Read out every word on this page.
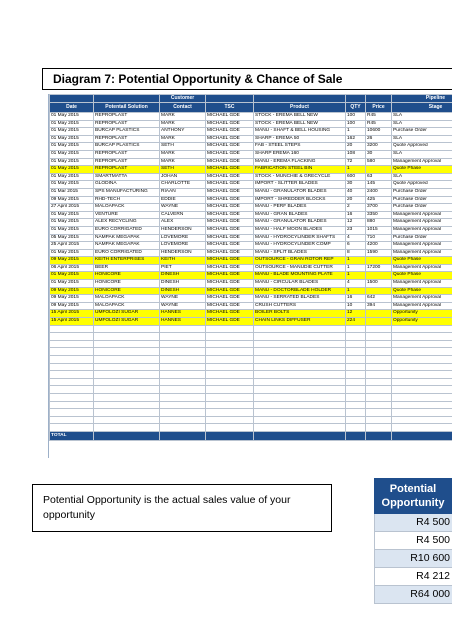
Diagram 7: Potential Opportunity & Chance of Sale
		Customer					Pipeline
Date	Potentail Solution	Contact	TSC	Product	QTY	Price	Stage
01 May 2015	REPROPLAST	MARK	MICHAEL GDE	STOCK - EREMA BELL NEW	100	R45	SLA
01 May 2015	REPROPLAST	MARK	MICHAEL GDE	STOCK - EREMA BELL NEW	100	R45	SLA
01 May 2015	BURCAP PLASTICS	ANTHONY	MICHAEL GDE	MANU - SHAFT & BELL HOUSING	1	10600	Purchase Order
01 May 2015	REPROPLAST	MARK	MICHAEL GDE	SHARP - EREMA 50	162	26	SLA
01 May 2015	BURCAP PLASTICS	SETH	MICHAEL GDE	FAB - STEEL STEPS	20	3200	Quote Approved
01 May 2015	REPROPLAST	MARK	MICHAEL GDE	SHARP EREMA 160	108	30	SLA
01 May 2015	REPROPLAST	MARK	MICHAEL GDE	MANU - EREMA FLACKING	72	580	Management Approval
01 May 2015	REPROPLAST	SETH	MICHAEL GDE	FABRICATION STEEL BIN	1		Quote Phase
01 May 2015	SMARTMATTA	JOHAN	MICHAEL GDE	STOCK - MUNCHIE & GRECYCLE	600	63	SLA
01 May 2015	GLODINA	CHARLOTTE	MICHAEL GDE	IMPORT - SLITTER BLADES	30	145	Quote Approved
01 Mar 2015	SPS MANUFACTURING	RIAAN	MICHAEL GDE	MANU - GRANULATOR BLADES	40	2400	Purchase Order
09 May 2015	RHD-TECH	EDDIE	MICHAEL GDE	IMPORT - SHREDDER BLOCKS	20	425	Purchase Order
27 April 2015	MALOAPACK	WAYNE	MICHAEL GDE	MANU - PERF BLADES	2	3700	Purchase Order
01 May 2015	VENTURE	CALVERN	MICHAEL GDE	MANU - GRAN BLADES	16	3350	Management Approval
01 May 2015	ALEX RECYCLING	ALEX	MICHAEL GDE	MANU - GRANULATOR BLADES	12	880	Management Approval
01 May 2015	EURO CORRIGATED	HENDERSON	MICHAEL GDE	MANU - HALF MOON BLADES	23	1015	Management Approval
05 May 2015	NAMPAK MEGAPAK	LOVEMORE	MICHAEL GDE	MANU - HYDROCYLINDER SHAFTS	4	710	Purchase Order
25 April 2015	NAMPAK MEGAPAK	LOVEMORE	MICHAEL GDE	MANU - HYDROCYLINDER COMP	6	4200	Management Approval
01 May 2015	EURO CORRIGATED	HENDERSON	MICHAEL GDE	MANU - SPLIT BLADES	8	1590	Management Approval
09 May 2015	KEITH ENTERPRISES	KEITH	MICHAEL GDE	OUTSOURCE - GRAN ROTOR REP	1		Quote Phase
06 April 2015	BEER	PIET	MICHAEL GDE	OUTSOURCE - MANUDIE CUTTER	1	17200	Management Approval
01 May 2015	HONICORE	DINESH	MICHAEL GDE	MANU - BLADE MOUNTING PLATE	1		Quote Phase
01 May 2015	HONICORE	DINESH	MICHAEL GDE	MANU - CIRCULAR BLADES	4	1500	Management Approval
09 May 2015	HONICORE	DINESH	MICHAEL GDE	MANU - DOCTORBLADE HOLDER	1		Quote Phase
09 May 2015	MALOAPACK	WAYNE	MICHAEL GDE	MANU - SERRATED BLADES	16	642	Management Approval
09 May 2015	MALOAPACK	WAYNE	MICHAEL GDE	CRUSH CUTTERS	10	394	Management Approval
15 April 2015	UMFOLOZI SUGAR	HANNES	MICHAEL GDE	BOILER BOLTS	12		Opportunity
15 April 2015	UMFOLOZI SUGAR	HANNES	MICHAEL GDE	CHAIN LINKS DIFFUSER	224		Opportunity

TOTAL							
Potential Opportunity is the actual sales value of your opportunity
Potential Opportunity
R4 500
R4 500
R10 600
R4 212
R64 000
